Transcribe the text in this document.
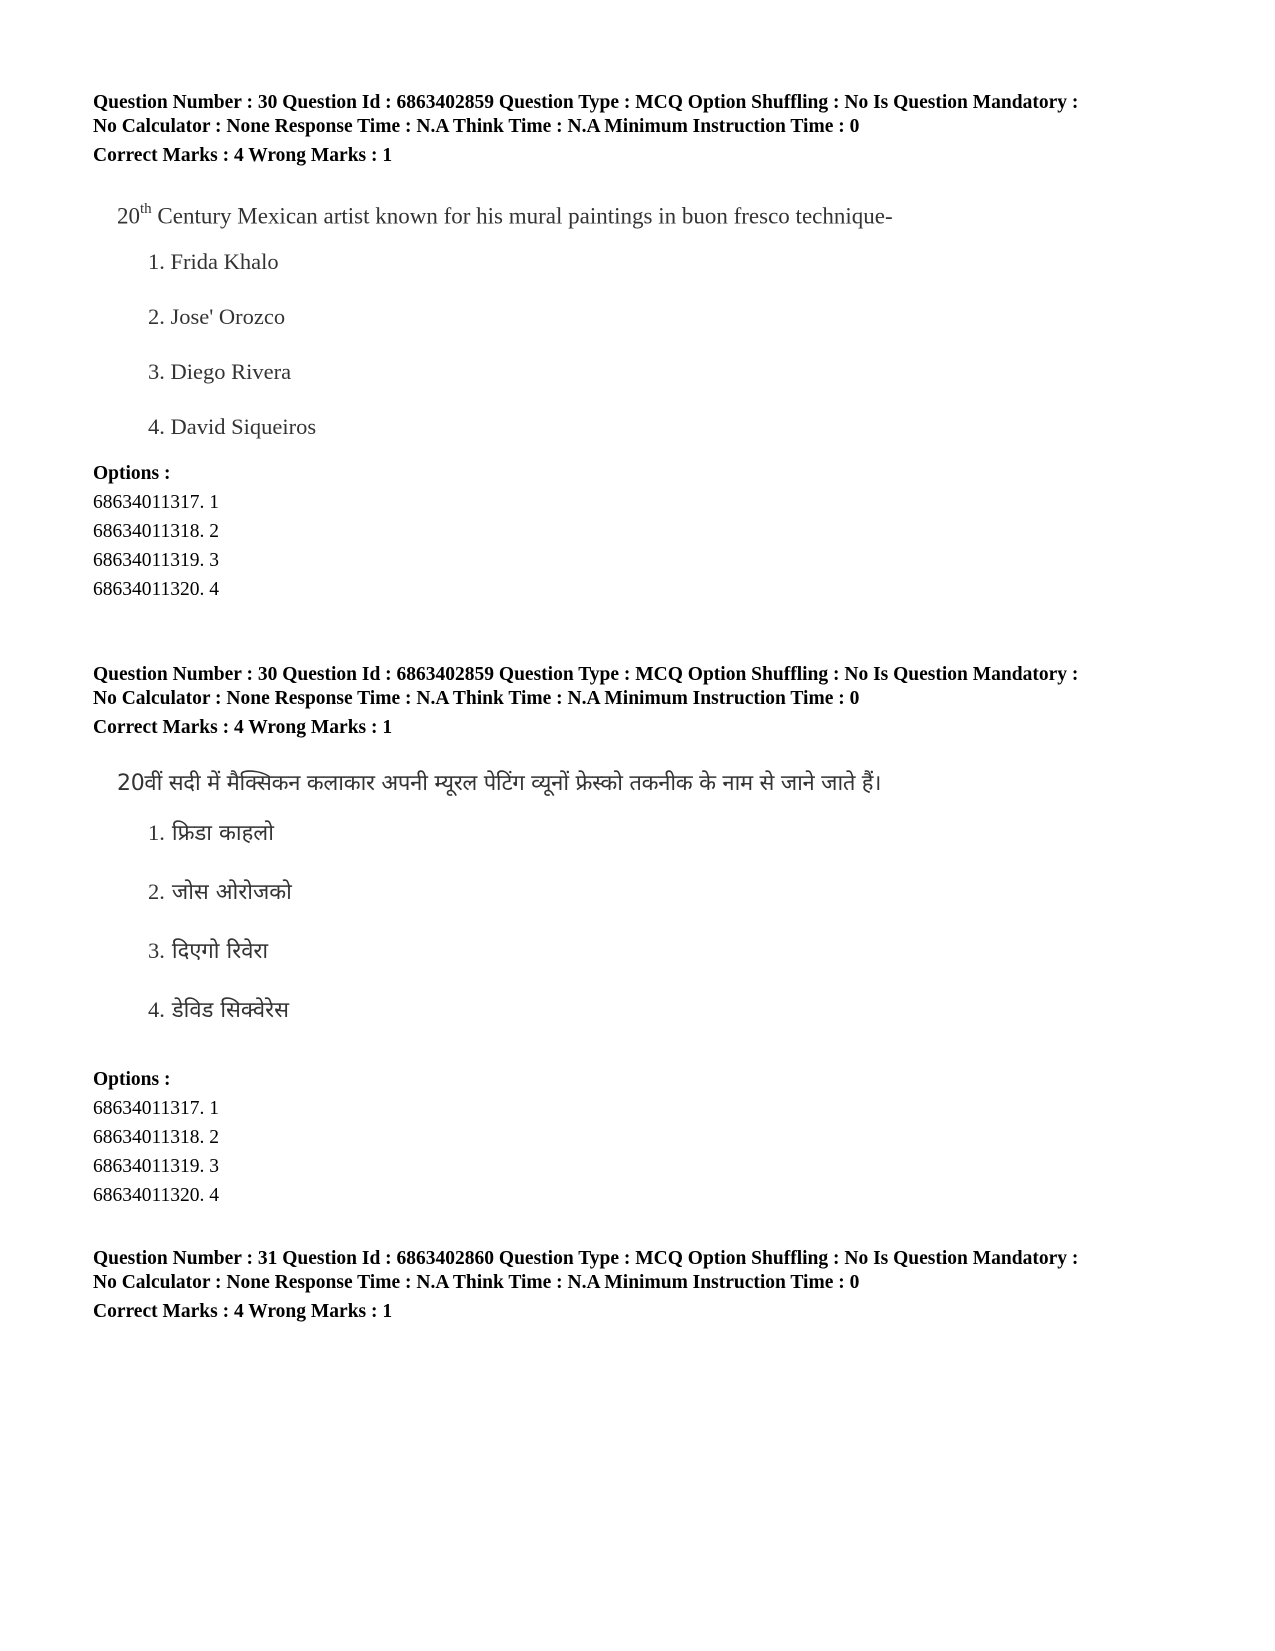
Question Number : 30 Question Id : 6863402859 Question Type : MCQ Option Shuffling : No Is Question Mandatory :
No Calculator : None Response Time : N.A Think Time : N.A Minimum Instruction Time : 0
Correct Marks : 4 Wrong Marks : 1

20th Century Mexican artist known for his mural paintings in buon fresco technique-

1. Frida Khalo
2. Jose' Orozco
3. Diego Rivera
4. David Siqueiros

Options :

68634011317. 1
68634011318. 2
68634011319. 3
68634011320. 4
Question Number : 30 Question Id : 6863402859 Question Type : MCQ Option Shuffling : No Is Question Mandatory :
No Calculator : None Response Time : N.A Think Time : N.A Minimum Instruction Time : 0
Correct Marks : 4 Wrong Marks : 1

20वीं सदी में मैक्सिकन कलाकार अपनी म्यूरल पेटिंग व्यूनों फ्रेस्को तकनीक के नाम से जाने जाते हैं।

1. फ्रिडा काहलो
2. जोस ओरोजको
3. दिएगो रिवेरा
4. डेविड सिक्वेरेस

Options :

68634011317. 1
68634011318. 2
68634011319. 3
68634011320. 4
Question Number : 31 Question Id : 6863402860 Question Type : MCQ Option Shuffling : No Is Question Mandatory :
No Calculator : None Response Time : N.A Think Time : N.A Minimum Instruction Time : 0
Correct Marks : 4 Wrong Marks : 1
